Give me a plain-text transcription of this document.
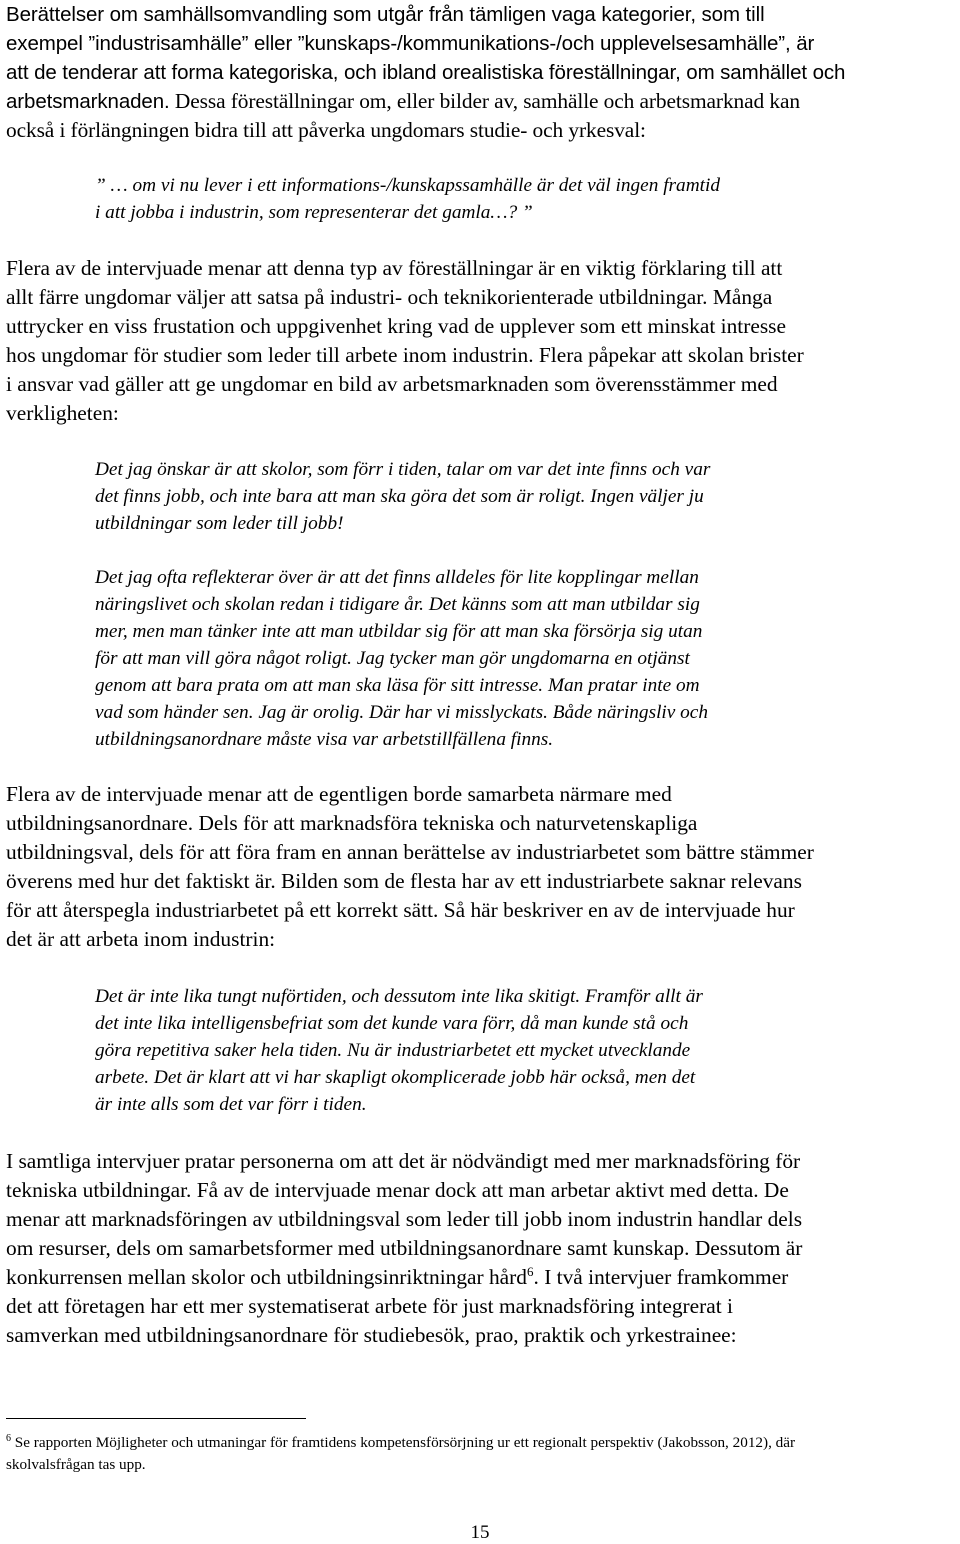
Berättelser om samhällsomvandling som utgår från tämligen vaga kategorier, som till
exempel ”industrisamhälle” eller ”kunskaps-/kommunikations-/och upplevelsesamhälle”, är
att de tenderar att forma kategoriska, och ibland orealistiska föreställningar, om samhället och
arbetsmarknaden. Dessa föreställningar om, eller bilder av, samhälle och arbetsmarknad kan
också i förlängningen bidra till att påverka ungdomars studie- och yrkesval:
” … om vi nu lever i ett informations-/kunskapssamhälle är det väl ingen framtid
i att jobba i industrin, som representerar det gamla…? ”
Flera av de intervjuade menar att denna typ av föreställningar är en viktig förklaring till att
allt färre ungdomar väljer att satsa på industri- och teknikorienterade utbildningar. Många
uttrycker en viss frustation och uppgivenhet kring vad de upplever som ett minskat intresse
hos ungdomar för studier som leder till arbete inom industrin. Flera påpekar att skolan brister
i ansvar vad gäller att ge ungdomar en bild av arbetsmarknaden som överensstämmer med
verkligheten:
Det jag önskar är att skolor, som förr i tiden, talar om var det inte finns och var
det finns jobb, och inte bara att man ska göra det som är roligt. Ingen väljer ju
utbildningar som leder till jobb!
Det jag ofta reflekterar över är att det finns alldeles för lite kopplingar mellan
näringslivet och skolan redan i tidigare år. Det känns som att man utbildar sig
mer, men man tänker inte att man utbildar sig för att man ska försörja sig utan
för att man vill göra något roligt. Jag tycker man gör ungdomarna en otjänst
genom att bara prata om att man ska läsa för sitt intresse. Man pratar inte om
vad som händer sen. Jag är orolig. Där har vi misslyckats. Både näringsliv och
utbildningsanordnare måste visa var arbetstillfällena finns.
Flera av de intervjuade menar att de egentligen borde samarbeta närmare med
utbildningsanordnare. Dels för att marknadsföra tekniska och naturvetenskapliga
utbildningsval, dels för att föra fram en annan berättelse av industriarbetet som bättre stämmer
överens med hur det faktiskt är. Bilden som de flesta har av ett industriarbete saknar relevans
för att återspegla industriarbetet på ett korrekt sätt. Så här beskriver en av de intervjuade hur
det är att arbeta inom industrin:
Det är inte lika tungt nuförtiden, och dessutom inte lika skitigt. Framför allt är
det inte lika intelligensbefriat som det kunde vara förr, då man kunde stå och
göra repetitiva saker hela tiden. Nu är industriarbetet ett mycket utvecklande
arbete. Det är klart att vi har skapligt okomplicerade jobb här också, men det
är inte alls som det var förr i tiden.
I samtliga intervjuer pratar personerna om att det är nödvändigt med mer marknadsföring för
tekniska utbildningar. Få av de intervjuade menar dock att man arbetar aktivt med detta. De
menar att marknadsföringen av utbildningsval som leder till jobb inom industrin handlar dels
om resurser, dels om samarbetsformer med utbildningsanordnare samt kunskap. Dessutom är
konkurrensen mellan skolor och utbildningsinriktningar hård$^6$. I två intervjuer framkommer
det att företagen har ett mer systematiserat arbete för just marknadsföring integrerat i
samverkan med utbildningsanordnare för studiebesök, prao, praktik och yrkestrainee:
$^6$ Se rapporten Möjligheter och utmaningar för framtidens kompetensförsörjning ur ett regionalt perspektiv (Jakobsson, 2012), där
skolvalsfrågan tas upp.
15
